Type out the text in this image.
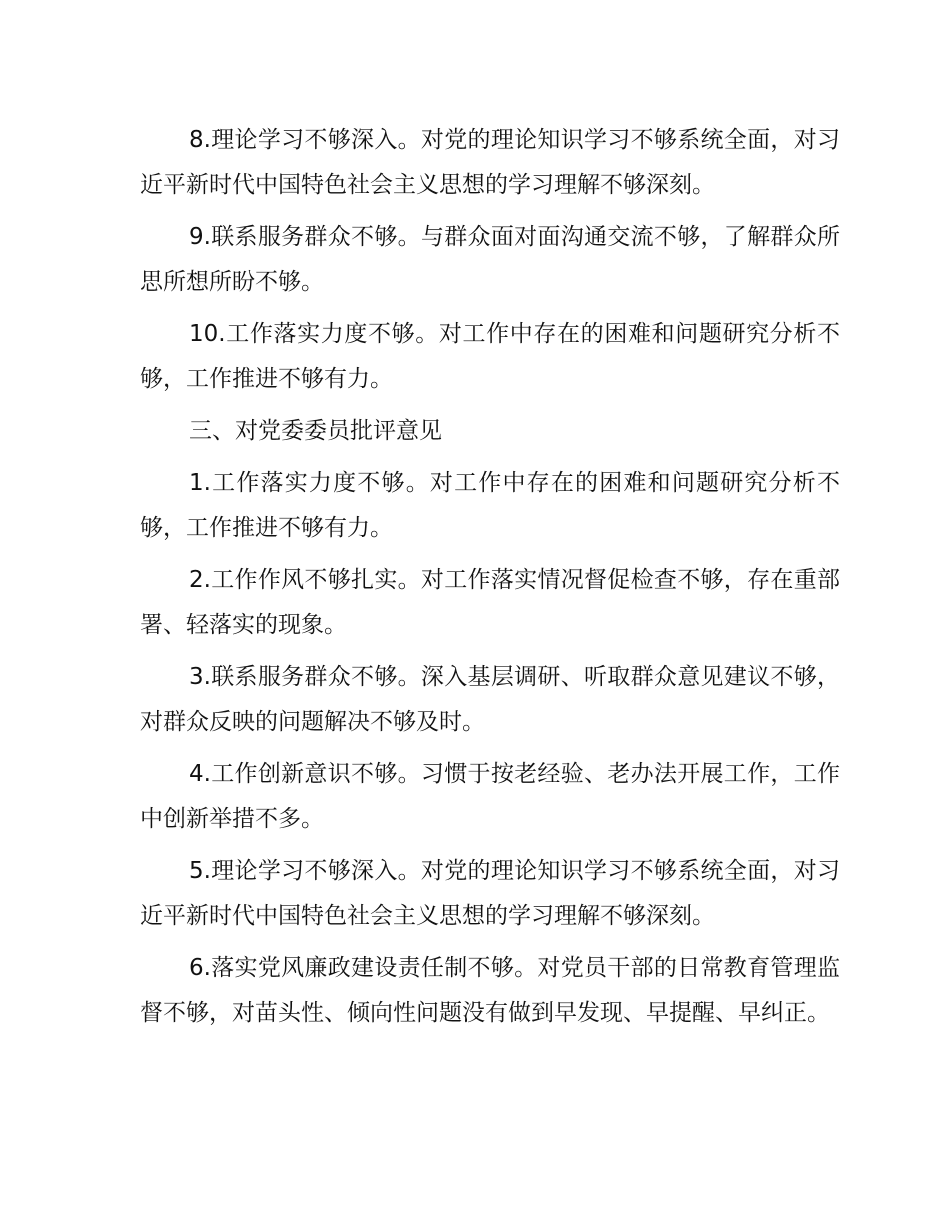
8.理论学习不够深入。对党的理论知识学习不够系统全面，对习近平新时代中国特色社会主义思想的学习理解不够深刻。

9.联系服务群众不够。与群众面对面沟通交流不够，了解群众所思所想所盼不够。

10.工作落实力度不够。对工作中存在的困难和问题研究分析不够，工作推进不够有力。

三、对党委委员批评意见

1.工作落实力度不够。对工作中存在的困难和问题研究分析不够，工作推进不够有力。

2.工作作风不够扎实。对工作落实情况督促检查不够，存在重部署、轻落实的现象。

3.联系服务群众不够。深入基层调研、听取群众意见建议不够，对群众反映的问题解决不够及时。

4.工作创新意识不够。习惯于按老经验、老办法开展工作，工作中创新举措不多。

5.理论学习不够深入。对党的理论知识学习不够系统全面，对习近平新时代中国特色社会主义思想的学习理解不够深刻。

6.落实党风廉政建设责任制不够。对党员干部的日常教育管理监督不够，对苗头性、倾向性问题没有做到早发现、早提醒、早纠正。
